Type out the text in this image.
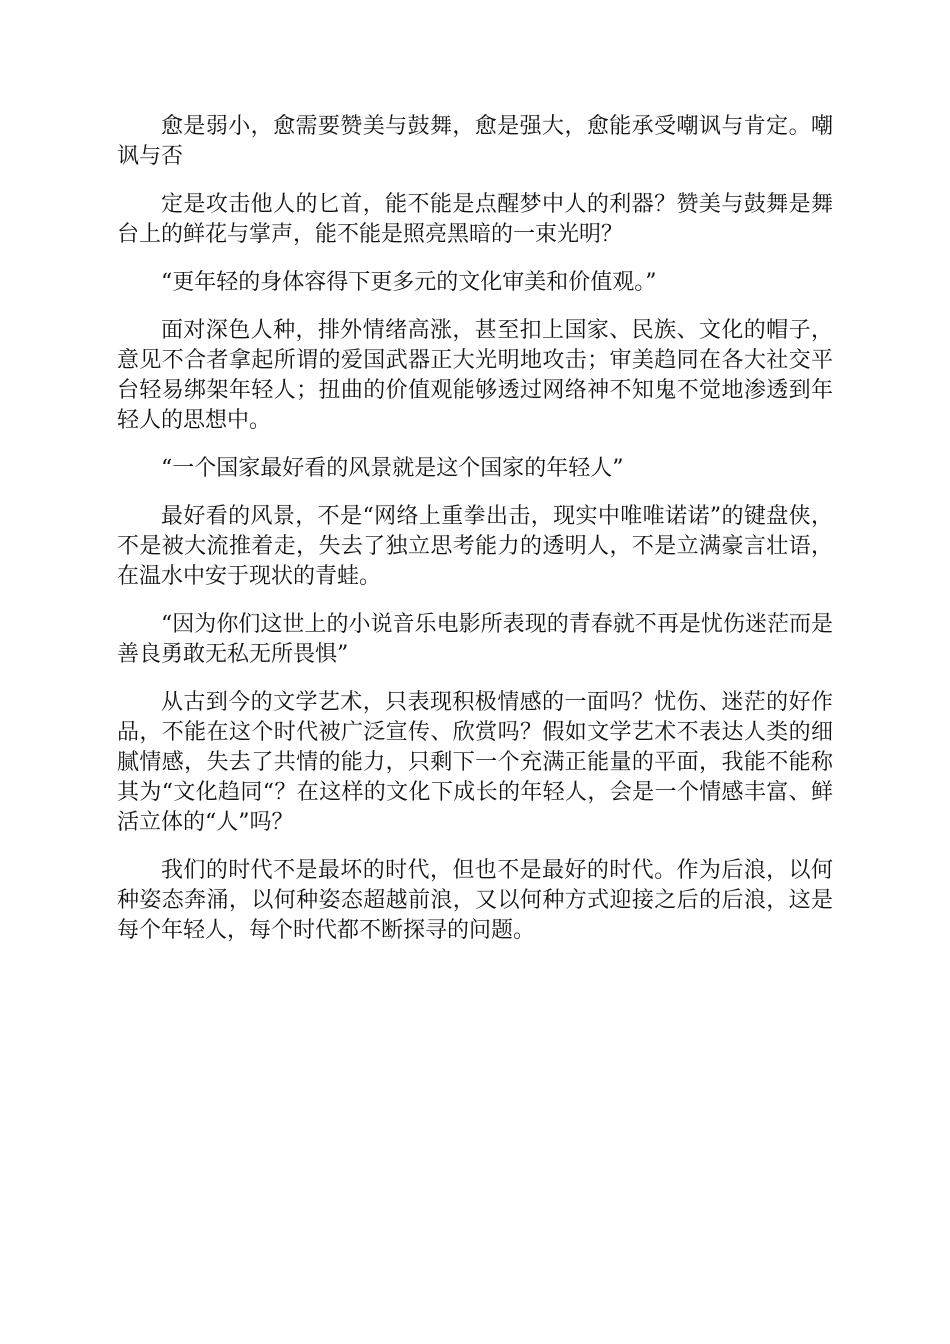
愈是弱小，愈需要赞美与鼓舞，愈是强大，愈能承受嘲讽与肯定。嘲讽与否

定是攻击他人的匕首，能不能是点醒梦中人的利器？赞美与鼓舞是舞台上的鲜花与掌声，能不能是照亮黑暗的一束光明？

“更年轻的身体容得下更多元的文化审美和价值观。”

面对深色人种，排外情绪高涨，甚至扣上国家、民族、文化的帽子，意见不合者拿起所谓的爱国武器正大光明地攻击；审美趋同在各大社交平台轻易绑架年轻人；扭曲的价值观能够透过网络神不知鬼不觉地渗透到年轻人的思想中。

“一个国家最好看的风景就是这个国家的年轻人”

最好看的风景，不是“网络上重拳出击，现实中唯唯诺诺”的键盘侠，不是被大流推着走，失去了独立思考能力的透明人，不是立满豪言壮语，在温水中安于现状的青蛙。

“因为你们这世上的小说音乐电影所表现的青春就不再是忧伤迷茫而是善良勇敢无私无所畏惧”

从古到今的文学艺术，只表现积极情感的一面吗？忧伤、迷茫的好作品，不能在这个时代被广泛宣传、欣赏吗？假如文学艺术不表达人类的细腻情感，失去了共情的能力，只剩下一个充满正能量的平面，我能不能称其为“文化趋同“？在这样的文化下成长的年轻人，会是一个情感丰富、鲜活立体的“人”吗？

我们的时代不是最坏的时代，但也不是最好的时代。作为后浪，以何种姿态奔涌，以何种姿态超越前浪，又以何种方式迎接之后的后浪，这是每个年轻人，每个时代都不断探寻的问题。
